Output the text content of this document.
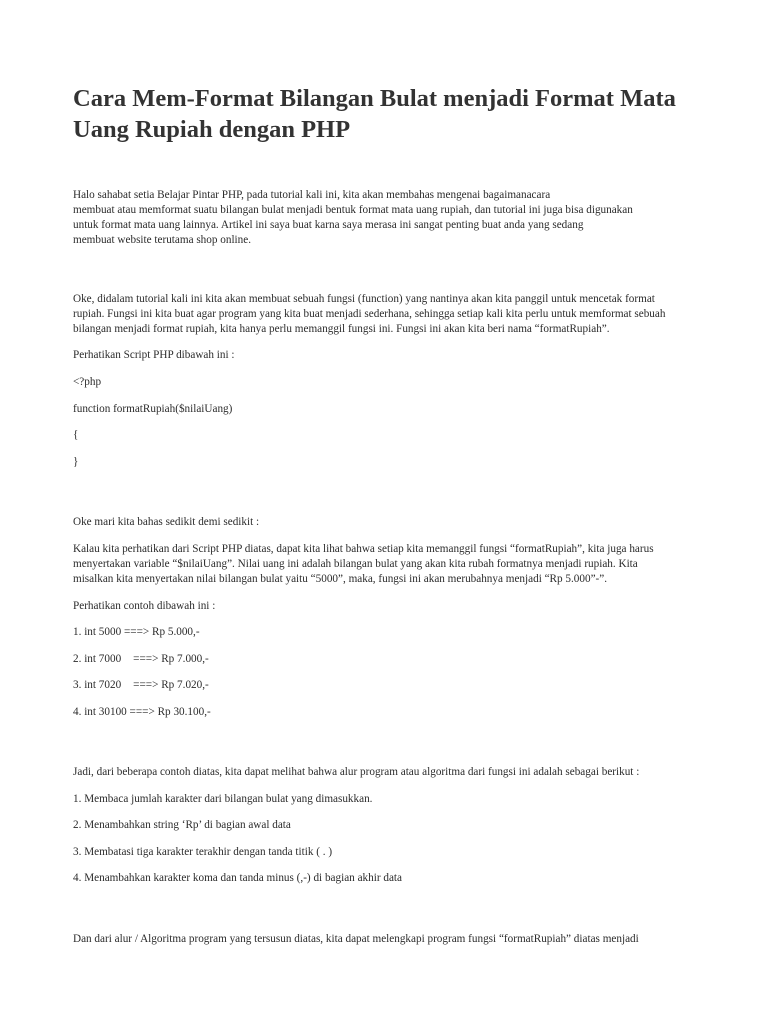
Cara Mem-Format Bilangan Bulat menjadi Format Mata Uang Rupiah dengan PHP
Halo sahabat setia Belajar Pintar PHP, pada tutorial kali ini, kita akan membahas mengenai bagaimanacara
membuat atau memformat suatu bilangan bulat menjadi bentuk format mata uang rupiah, dan tutorial ini juga bisa digunakan
untuk format mata uang lainnya. Artikel ini saya buat karna saya merasa ini sangat penting buat anda yang sedang
membuat website terutama shop online.
Oke, didalam tutorial kali ini kita akan membuat sebuah fungsi (function) yang nantinya akan kita panggil untuk mencetak format
rupiah. Fungsi ini kita buat agar program yang kita buat menjadi sederhana, sehingga setiap kali kita perlu untuk memformat sebuah
bilangan menjadi format rupiah, kita hanya perlu memanggil fungsi ini. Fungsi ini akan kita beri nama “formatRupiah”.
Perhatikan Script PHP dibawah ini :
<?php
function formatRupiah($nilaiUang)
{
}
Oke mari kita bahas sedikit demi sedikit :
Kalau kita perhatikan dari Script PHP diatas, dapat kita lihat bahwa setiap kita memanggil fungsi “formatRupiah”, kita juga harus
menyertakan variable “$nilaiUang”. Nilai uang ini adalah bilangan bulat yang akan kita rubah formatnya menjadi rupiah. Kita
misalkan kita menyertakan nilai bilangan bulat yaitu “5000”, maka, fungsi ini akan merubahnya menjadi “Rp 5.000”-”.
Perhatikan contoh dibawah ini :
1. int 5000 ===> Rp 5.000,-
2. int 7000 ===> Rp 7.000,-
3. int 7020 ===> Rp 7.020,-
4. int 30100 ===> Rp 30.100,-
Jadi, dari beberapa contoh diatas, kita dapat melihat bahwa alur program atau algoritma dari fungsi ini adalah sebagai berikut :
1. Membaca jumlah karakter dari bilangan bulat yang dimasukkan.
2. Menambahkan string ‘Rp’ di bagian awal data
3. Membatasi tiga karakter terakhir dengan tanda titik ( . )
4. Menambahkan karakter koma dan tanda minus (,-) di bagian akhir data
Dan dari alur / Algoritma program yang tersusun diatas, kita dapat melengkapi program fungsi “formatRupiah” diatas menjadi
